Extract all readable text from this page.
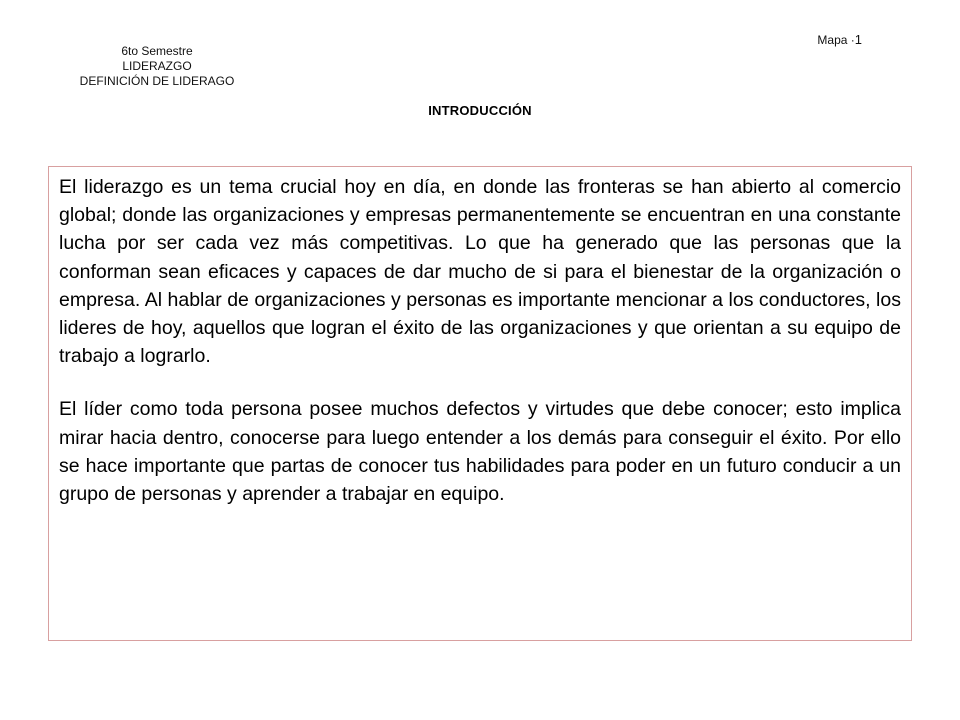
6to Semestre
LIDERAZGO
DEFINICIÓN DE LIDERAGO
Mapa ·1
INTRODUCCIÓN

El liderazgo es un tema crucial hoy en día, en donde las fronteras se han abierto al comercio global; donde las organizaciones y empresas permanentemente se encuentran en una constante lucha por ser cada vez más competitivas. Lo que ha generado que las personas que la conforman sean eficaces y capaces de dar mucho de si para el bienestar de la organización o empresa. Al hablar de organizaciones y personas es importante mencionar a los conductores, los lideres de hoy, aquellos que logran el éxito de las organizaciones y que orientan a su equipo de trabajo a lograrlo.

El líder como toda persona posee muchos defectos y virtudes que debe conocer; esto implica mirar hacia dentro, conocerse para luego entender a los demás para conseguir el éxito. Por ello se hace importante que partas de conocer tus habilidades para poder en un futuro conducir a un grupo de personas y aprender a trabajar en equipo.
